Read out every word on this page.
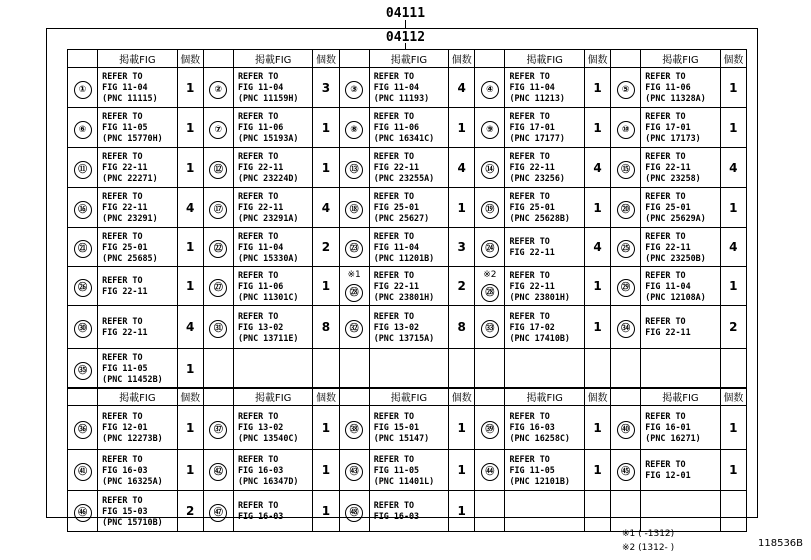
04111
04112
	掲載FIG	個数		掲載FIG	個数		掲載FIG	個数		掲載FIG	個数		掲載FIG	個数
①	REFER TO
FIG 11-04
(PNC 11115)	1	②	REFER TO
FIG 11-04
(PNC 11159H)	3	③	REFER TO
FIG 11-04
(PNC 11193)	4	④	REFER TO
FIG 11-04
(PNC 11213)	1	⑤	REFER TO
FIG 11-06
(PNC 11328A)	1
⑥	REFER TO
FIG 11-05
(PNC 15770H)	1	⑦	REFER TO
FIG 11-06
(PNC 15193A)	1	⑧	REFER TO
FIG 11-06
(PNC 16341C)	1	⑨	REFER TO
FIG 17-01
(PNC 17177)	1	⑩	REFER TO
FIG 17-01
(PNC 17173)	1
⑪	REFER TO
FIG 22-11
(PNC 22271)	1	⑫	REFER TO
FIG 22-11
(PNC 23224D)	1	⑬	REFER TO
FIG 22-11
(PNC 23255A)	4	⑭	REFER TO
FIG 22-11
(PNC 23256)	4	⑮	REFER TO
FIG 22-11
(PNC 23258)	4
⑯	REFER TO
FIG 22-11
(PNC 23291)	4	⑰	REFER TO
FIG 22-11
(PNC 23291A)	4	⑱	REFER TO
FIG 25-01
(PNC 25627)	1	⑲	REFER TO
FIG 25-01
(PNC 25628B)	1	⑳	REFER TO
FIG 25-01
(PNC 25629A)	1
㉑	REFER TO
FIG 25-01
(PNC 25685)	1	㉒	REFER TO
FIG 11-04
(PNC 15330A)	2	㉓	REFER TO
FIG 11-04
(PNC 11201B)	3	㉔	REFER TO
FIG 22-11	4	㉕	REFER TO
FIG 22-11
(PNC 23250B)	4
㉖	REFER TO
FIG 22-11	1	㉗	REFER TO
FIG 11-06
(PNC 11301C)	1	※1
㉘	REFER TO
FIG 22-11
(PNC 23801H)	2	※2
㉘	REFER TO
FIG 22-11
(PNC 23801H)	1	㉙	REFER TO
FIG 11-04
(PNC 12108A)	1
㉚	REFER TO
FIG 22-11	4	㉛	REFER TO
FIG 13-02
(PNC 13711E)	8	㉜	REFER TO
FIG 13-02
(PNC 13715A)	8	㉝	REFER TO
FIG 17-02
(PNC 17410B)	1	㉞	REFER TO
FIG 22-11	2
㉟	REFER TO
FIG 11-05
(PNC 11452B)	1												
	掲載FIG	個数		掲載FIG	個数		掲載FIG	個数		掲載FIG	個数		掲載FIG	個数
㊱	REFER TO
FIG 12-01
(PNC 12273B)	1	㊲	REFER TO
FIG 13-02
(PNC 13540C)	1	㊳	REFER TO
FIG 15-01
(PNC 15147)	1	㊴	REFER TO
FIG 16-03
(PNC 16258C)	1	㊵	REFER TO
FIG 16-01
(PNC 16271)	1
㊶	REFER TO
FIG 16-03
(PNC 16325A)	1	㊷	REFER TO
FIG 16-03
(PNC 16347D)	1	㊸	REFER TO
FIG 11-05
(PNC 11401L)	1	㊹	REFER TO
FIG 11-05
(PNC 12101B)	1	㊺	REFER TO
FIG 12-01	1
㊻	REFER TO
FIG 15-03
(PNC 15710B)	2	㊼	REFER TO
FIG 16-03	1	㊽	REFER TO
FIG 16-03	1						
※1 ( -1312)
※2 (1312- )	118536B
